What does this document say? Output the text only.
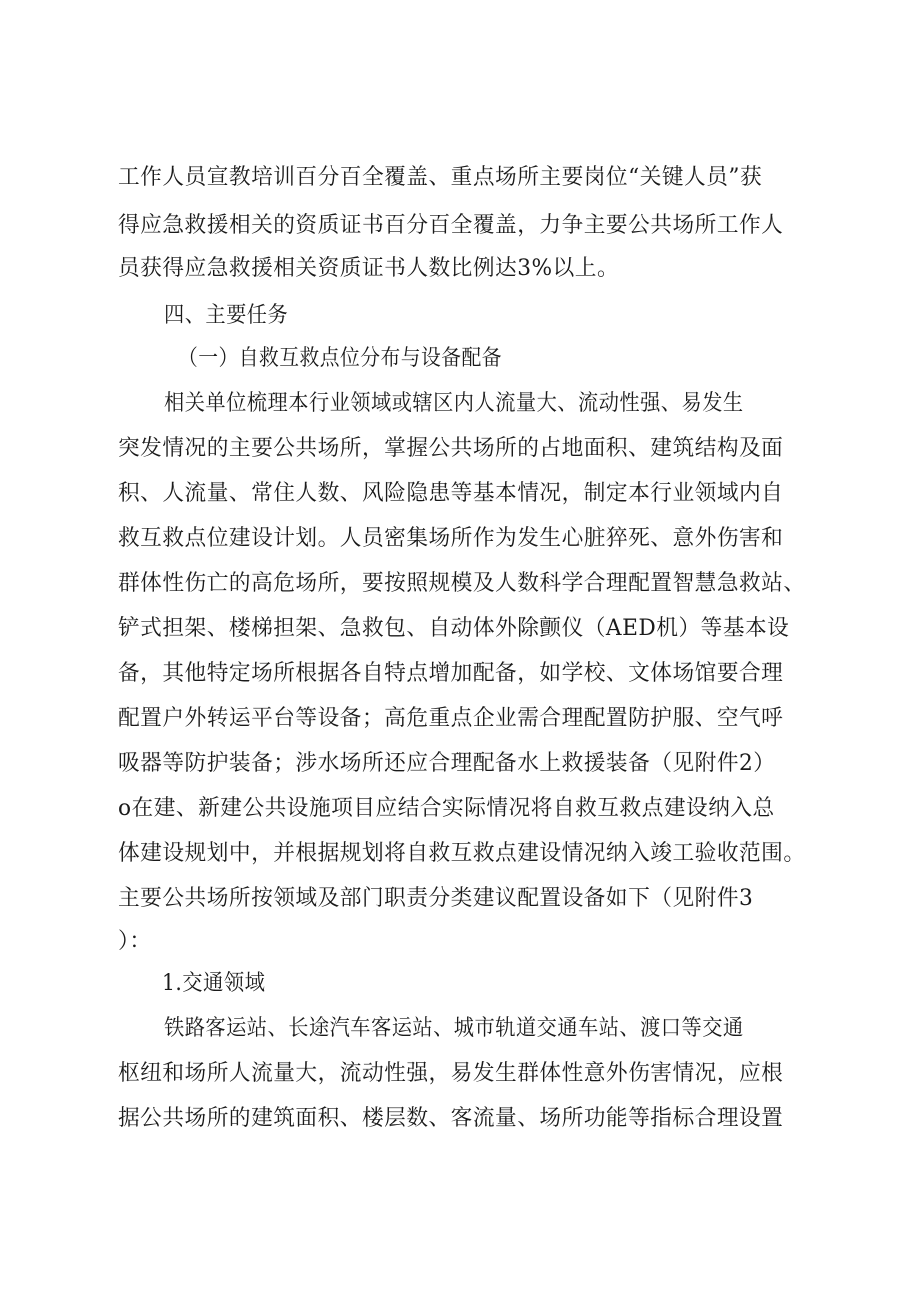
工作人员宣教培训百分百全覆盖、重点场所主要岗位“关键人员”获
得应急救援相关的资质证书百分百全覆盖，力争主要公共场所工作人
员获得应急救援相关资质证书人数比例达3%以上。
四、主要任务
（一）自救互救点位分布与设备配备
相关单位梳理本行业领域或辖区内人流量大、流动性强、易发生
突发情况的主要公共场所，掌握公共场所的占地面积、建筑结构及面
积、人流量、常住人数、风险隐患等基本情况，制定本行业领域内自
救互救点位建设计划。人员密集场所作为发生心脏猝死、意外伤害和
群体性伤亡的高危场所，要按照规模及人数科学合理配置智慧急救站、
铲式担架、楼梯担架、急救包、自动体外除颤仪（AED机）等基本设
备，其他特定场所根据各自特点增加配备，如学校、文体场馆要合理
配置户外转运平台等设备；高危重点企业需合理配置防护服、空气呼
吸器等防护装备；涉水场所还应合理配备水上救援装备（见附件2）
o在建、新建公共设施项目应结合实际情况将自救互救点建设纳入总
体建设规划中，并根据规划将自救互救点建设情况纳入竣工验收范围。
主要公共场所按领域及部门职责分类建议配置设备如下（见附件3
）：
1.交通领域
铁路客运站、长途汽车客运站、城市轨道交通车站、渡口等交通
枢纽和场所人流量大，流动性强，易发生群体性意外伤害情况，应根
据公共场所的建筑面积、楼层数、客流量、场所功能等指标合理设置
